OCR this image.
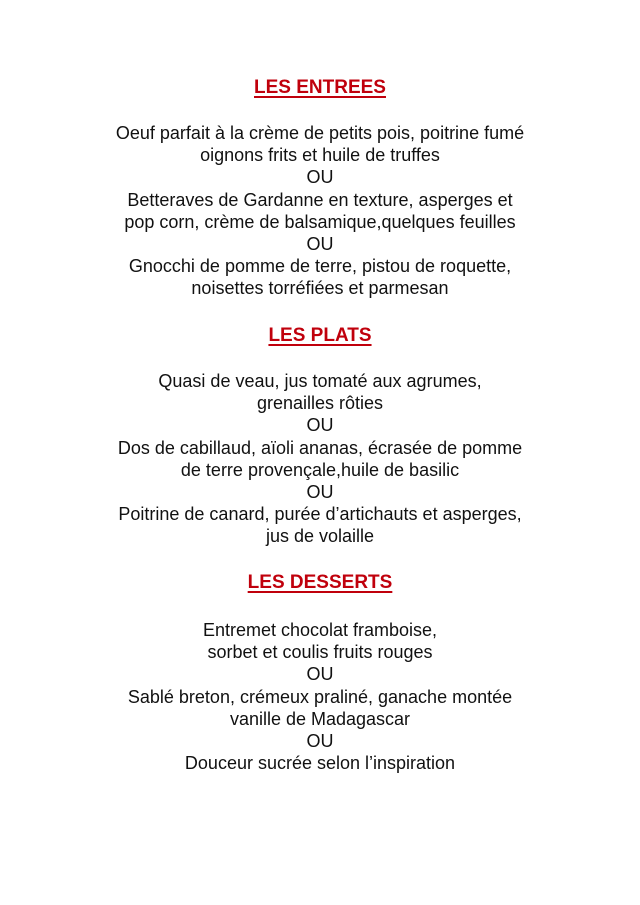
LES ENTREES
Oeuf parfait à la crème de petits pois, poitrine fumé
oignons frits et huile de truffes
OU
Betteraves de Gardanne en texture, asperges et
pop corn, crème de balsamique,quelques feuilles
OU
Gnocchi de pomme de terre, pistou de roquette,
noisettes torréfiées et parmesan
LES PLATS
Quasi de veau, jus tomaté aux agrumes,
grenailles rôties
OU
Dos de cabillaud, aïoli ananas, écrasée de pomme
de terre provençale,huile de basilic
OU
Poitrine de canard, purée d’artichauts et asperges,
jus de volaille
LES DESSERTS
Entremet chocolat framboise,
sorbet et coulis fruits rouges
OU
Sablé breton, crémeux praliné, ganache montée
vanille de Madagascar
OU
Douceur sucrée selon l’inspiration
